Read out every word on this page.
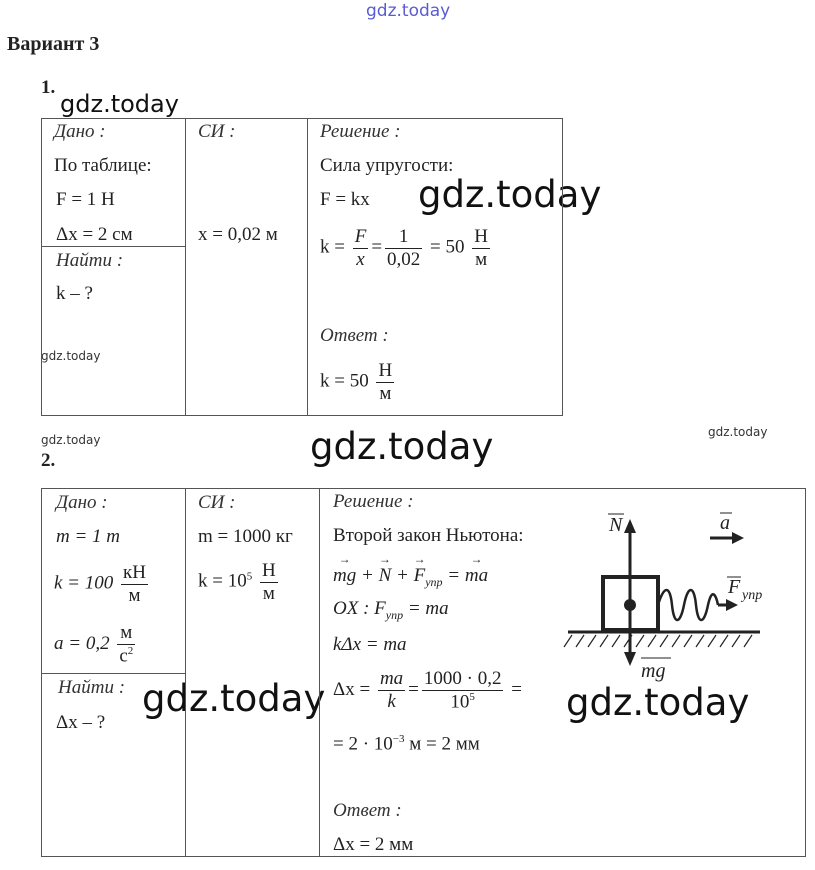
gdz.today
gdz.today
gdz.today
gdz.today
gdz.today	gdz.today	gdz.today
gdz.today	gdz.today
Вариант 3
1.
Дано :
По таблице:
F = 1 Н
Δx = 2 см
Найти :
k – ?
СИ :
x = 0,02 м
Решение :
Сила упругости:
F = kx
$k = \frac{F}{x} = \frac{1}{0,02} = 50 \frac{Н}{м}$
Ответ :
$k = 50 \frac{Н}{м}$
2.
Дано :
m = 1 т
$k = 100 \frac{кН}{м}$
$a = 0,2 \frac{м}{с^2}$
Найти :
Δx – ?
СИ :
m = 1000 кг
$k = 10^5 \frac{Н}{м}$
Решение :
Второй закон Ньютона:
→ mg + → N + → $F_{упр}$ = → ma
OX : $F_{упр}$ = ma
kΔx = ma
$\Delta x = \frac{ma}{k} = \frac{1000 \cdot 0,2}{10^5}$ =
= $2 \cdot 10^{-3}$ м = 2 мм
Ответ :
Δx = 2 мм
N	a
F упр
mg
